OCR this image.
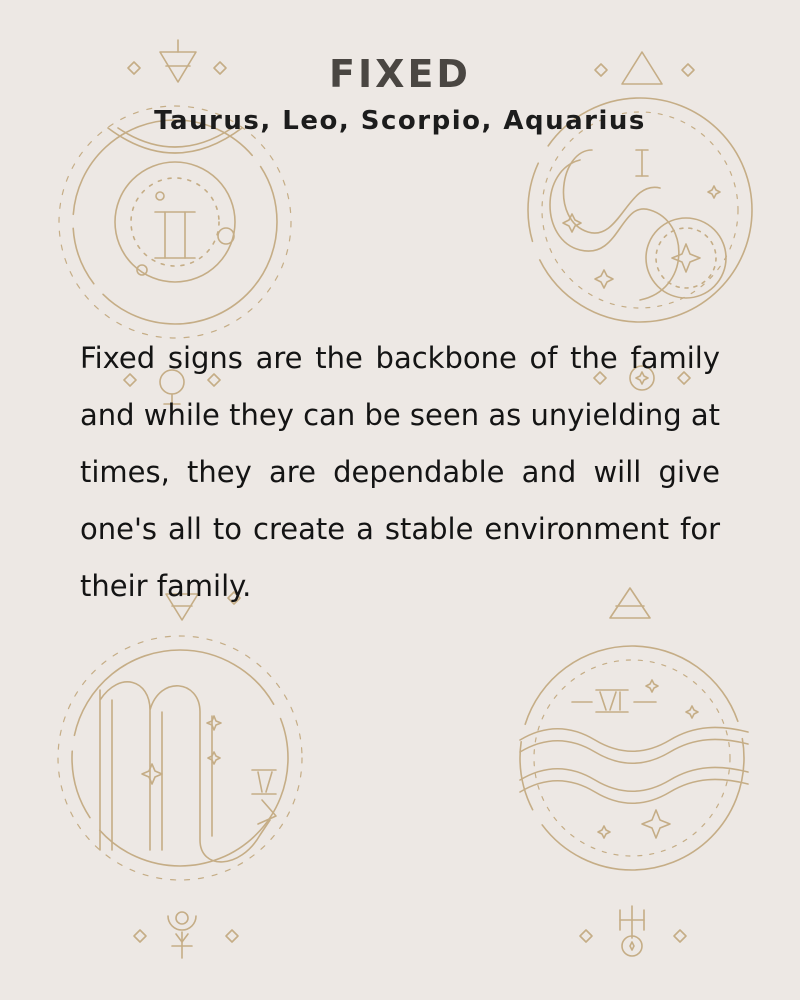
FIXED
Taurus, Leo, Scorpio, Aquarius

Fixed signs are the backbone of the family and while they can be seen as unyielding at times, they are dependable and will give one's all to create a stable environment for their family.
